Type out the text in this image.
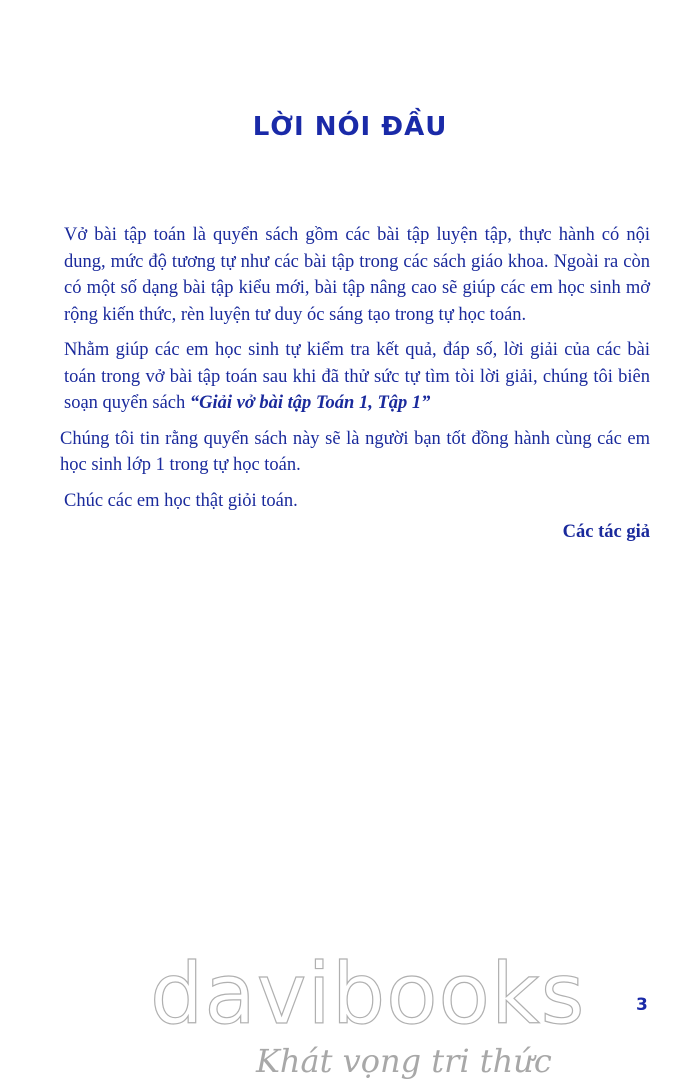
LỜI NÓI ĐẦU

Vở bài tập toán là quyển sách gồm các bài tập luyện tập, thực hành có nội dung, mức độ tương tự như các bài tập trong các sách giáo khoa. Ngoài ra còn có một số dạng bài tập kiểu mới, bài tập nâng cao sẽ giúp các em học sinh mở rộng kiến thức, rèn luyện tư duy óc sáng tạo trong tự học toán.

Nhằm giúp các em học sinh tự kiểm tra kết quả, đáp số, lời giải của các bài toán trong vở bài tập toán sau khi đã thử sức tự tìm tòi lời giải, chúng tôi biên soạn quyển sách “Giải vở bài tập Toán 1, Tập 1”

Chúng tôi tin rằng quyển sách này sẽ là người bạn tốt đồng hành cùng các em học sinh lớp 1 trong tự học toán.

Chúc các em học thật giỏi toán.

Các tác giả

davibooks

Khát vọng tri thức

3
